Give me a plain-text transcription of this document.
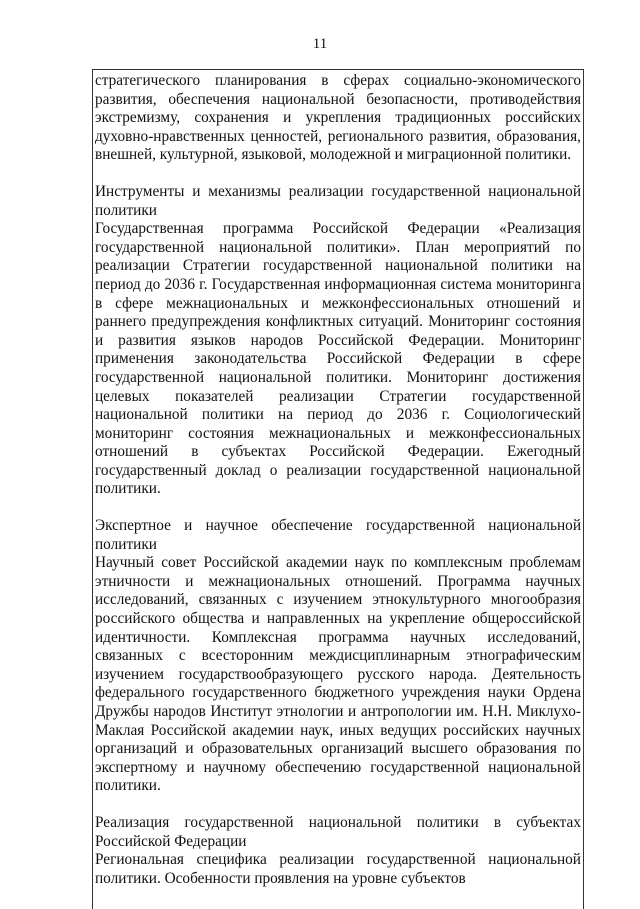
11

стратегического планирования в сферах социально-экономического развития, обеспечения национальной безопасности, противодействия экстремизму, сохранения и укрепления традиционных российских духовно-нравственных ценностей, регионального развития, образования, внешней, культурной, языковой, молодежной и миграционной политики.

Инструменты и механизмы реализации государственной национальной политики

Государственная программа Российской Федерации «Реализация государственной национальной политики». План мероприятий по реализации Стратегии государственной национальной политики на период до 2036 г. Государственная информационная система мониторинга в сфере межнациональных и межконфессиональных отношений и раннего предупреждения конфликтных ситуаций. Мониторинг состояния и развития языков народов Российской Федерации. Мониторинг применения законодательства Российской Федерации в сфере государственной национальной политики. Мониторинг достижения целевых показателей реализации Стратегии государственной национальной политики на период до 2036 г. Социологический мониторинг состояния межнациональных и межконфессиональных отношений в субъектах Российской Федерации. Ежегодный государственный доклад о реализации государственной национальной политики.

Экспертное и научное обеспечение государственной национальной политики

Научный совет Российской академии наук по комплексным проблемам этничности и межнациональных отношений. Программа научных исследований, связанных с изучением этнокультурного многообразия российского общества и направленных на укрепление общероссийской идентичности. Комплексная программа научных исследований, связанных с всесторонним междисциплинарным этнографическим изучением государствообразующего русского народа. Деятельность федерального государственного бюджетного учреждения науки Ордена Дружбы народов Институт этнологии и антропологии им. Н.Н. Миклухо-Маклая Российской академии наук, иных ведущих российских научных организаций и образовательных организаций высшего образования по экспертному и научному обеспечению государственной национальной политики.

Реализация государственной национальной политики в субъектах Российской Федерации

Региональная специфика реализации государственной национальной политики. Особенности проявления на уровне субъектов
